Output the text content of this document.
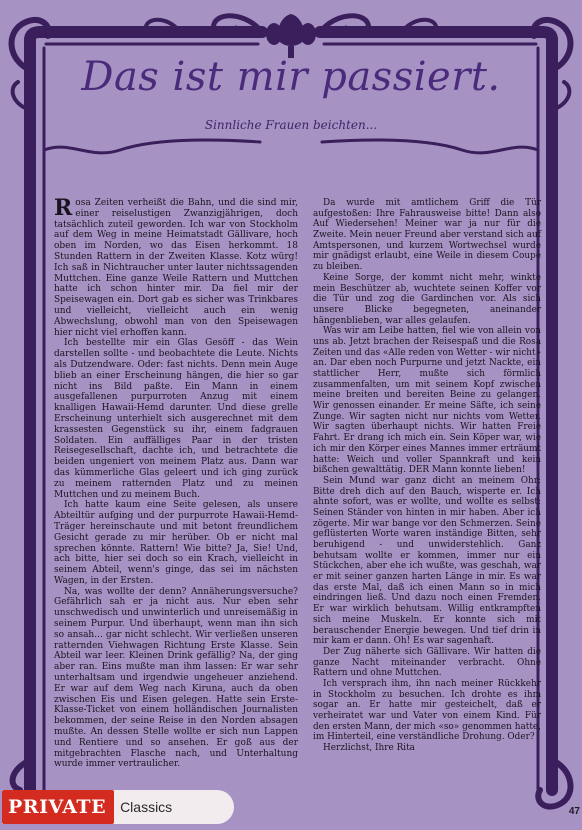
Das ist mir passiert.
Sinnliche Frauen beichten...

Rosa Zeiten verheißt die Bahn, und die sind mir, einer reiselustigen Zwanzigjährigen, doch tatsächlich zuteil geworden. Ich war von Stockholm auf dem Weg in meine Heimatstadt Gällivare, hoch oben im Norden, wo das Eisen herkommt. 18 Stunden Rattern in der Zweiten Klasse. Kotz würg! Ich saß in Nichtraucher unter lauter nichtssagenden Muttchen. Eine ganze Weile Rattern und Muttchen hatte ich schon hinter mir. Da fiel mir der Speisewagen ein. Dort gab es sicher was Trinkbares und vielleicht, vielleicht auch ein wenig Abwechslung, obwohl man von den Speisewagen hier nicht viel erhoffen kann.

Ich bestellte mir ein Glas Gesöff - das Wein darstellen sollte - und beobachtete die Leute. Nichts als Dutzendware. Oder: fast nichts. Denn mein Auge blieb an einer Erscheinung hängen, die hier so gar nicht ins Bild paßte. Ein Mann in einem ausgefallenen purpurroten Anzug mit einem knalligen Hawaii-Hemd darunter. Und diese grelle Erscheinung unterhielt sich ausgerechnet mit dem krassesten Gegenstück su ihr, einem fadgrauen Soldaten. Ein auffälliges Paar in der tristen Reisegesellschaft, dachte ich, und betrachtete die beiden ungeniert von meinem Platz aus. Dann war das kümmerliche Glas geleert und ich ging zurück zu meinem ratternden Platz und zu meinen Muttchen und zu meinem Buch.

Ich hatte kaum eine Seite gelesen, als unsere Abteiltür aufging und der purpurrote Hawaii-Hemd-Träger hereinschaute und mit betont freundlichem Gesicht gerade zu mir herüber. Ob er nicht mal sprechen könnte. Rattern! Wie bitte? Ja, Sie! Und, ach bitte, hier sei doch so ein Krach, vielleicht in seinem Abteil, wenn's ginge, das sei im nächsten Wagen, in der Ersten.

Na, was wollte der denn? Annäherungsversuche? Gefährlich sah er ja nicht aus. Nur eben sehr unschwedisch und unwinterlich und unreisemäßig in seinem Purpur. Und überhaupt, wenn man ihn sich so ansah... gar nicht schlecht. Wir verließen unseren ratternden Viehwagen Richtung Erste Klasse. Sein Abteil war leer. Kleinen Drink gefällig? Na, der ging aber ran. Eins mußte man ihm lassen: Er war sehr unterhaltsam und irgendwie ungeheuer anziehend. Er war auf dem Weg nach Kiruna, auch da oben zwischen Eis und Eisen gelegen. Hatte sein Erste-Klasse-Ticket von einem holländischen Journalisten bekommen, der seine Reise in den Norden absagen mußte. An dessen Stelle wollte er sich nun Lappen und Rentiere und so ansehen. Er goß aus der mitgebrachten Flasche nach, und Unterhaltung wurde immer vertraulicher.

Da wurde mit amtlichem Griff die Tür aufgestoßen: Ihre Fahrausweise bitte! Dann also Auf Wiedersehen! Meiner war ja nur für die Zweite. Mein neuer Freund aber verstand sich auf Amtspersonen, und kurzem Wortwechsel wurde mir gnädigst erlaubt, eine Weile in diesem Coupé zu bleiben.

Keine Sorge, der kommt nicht mehr, winkte mein Beschützer ab, wuchtete seinen Koffer vor die Tür und zog die Gardinchen vor. Als sich unsere Blicke begegneten, aneinander hängenblieben, war alles gelaufen.

Was wir am Leibe hatten, fiel wie von allein von uns ab. Jetzt brachen der Reisespaß und die Rosa Zeiten und das «Alle reden von Wetter - wir nicht» an. Dar eben noch Purpurne und jetzt Nackte, ein stattlicher Herr, mußte sich förmlich zusammenfalten, um mit seinem Kopf zwischen meine breiten und bereiten Beine zu gelangen. Wir genossen einander. Er meine Säfte, ich seine Zunge. Wir sagten nicht nur nichts vom Wetter. Wir sagten überhaupt nichts. Wir hatten Freie Fahrt. Er drang ich mich ein. Sein Köper war, wie ich mir den Körper eines Mannes immer erträumt hatte: Weich und voller Spannkraft und kein bißchen gewalttätig. DER Mann konnte lieben!

Sein Mund war ganz dicht an meinem Ohr: Bitte dreh dich auf den Bauch, wisperte er. Ich ahnte sofort, was er wollte, und wollte es selbst: Seinen Ständer von hinten in mir haben. Aber ich zögerte. Mir war bange vor den Schmerzen. Seine geflüsterten Worte waren inständige Bitten, sehr beruhigend - und unwiderstehlich. Ganz behutsam wollte er kommen, immer nur ein Stückchen, aber ehe ich wußte, was geschah, war er mit seiner ganzen harten Länge in mir. Es war das erste Mal, daß ich einen Mann so in mich eindringen ließ. Und dazu noch einen Fremden. Er war wirklich behutsam. Willig entkrampften sich meine Muskeln. Er konnte sich mit berauschender Energie bewegen. Und tief drin in mir kam er dann. Oh! Es war sagenhaft.

Der Zug näherte sich Gällivare. Wir hatten die ganze Nacht miteinander verbracht. Ohne Rattern und ohne Muttchen.

Ich versprach ihm, ihn nach meiner Rückkehr in Stockholm zu besuchen. Ich drohte es ihm sogar an. Er hatte mir gesteichelt, daß er verheiratet war und Vater von einem Kind. Für den ersten Mann, der mich «so» genommen hatte, im Hinterteil, eine verständliche Drohung. Oder?

Herzlichst, Ihre Rita

PRIVATE	Classics	47
